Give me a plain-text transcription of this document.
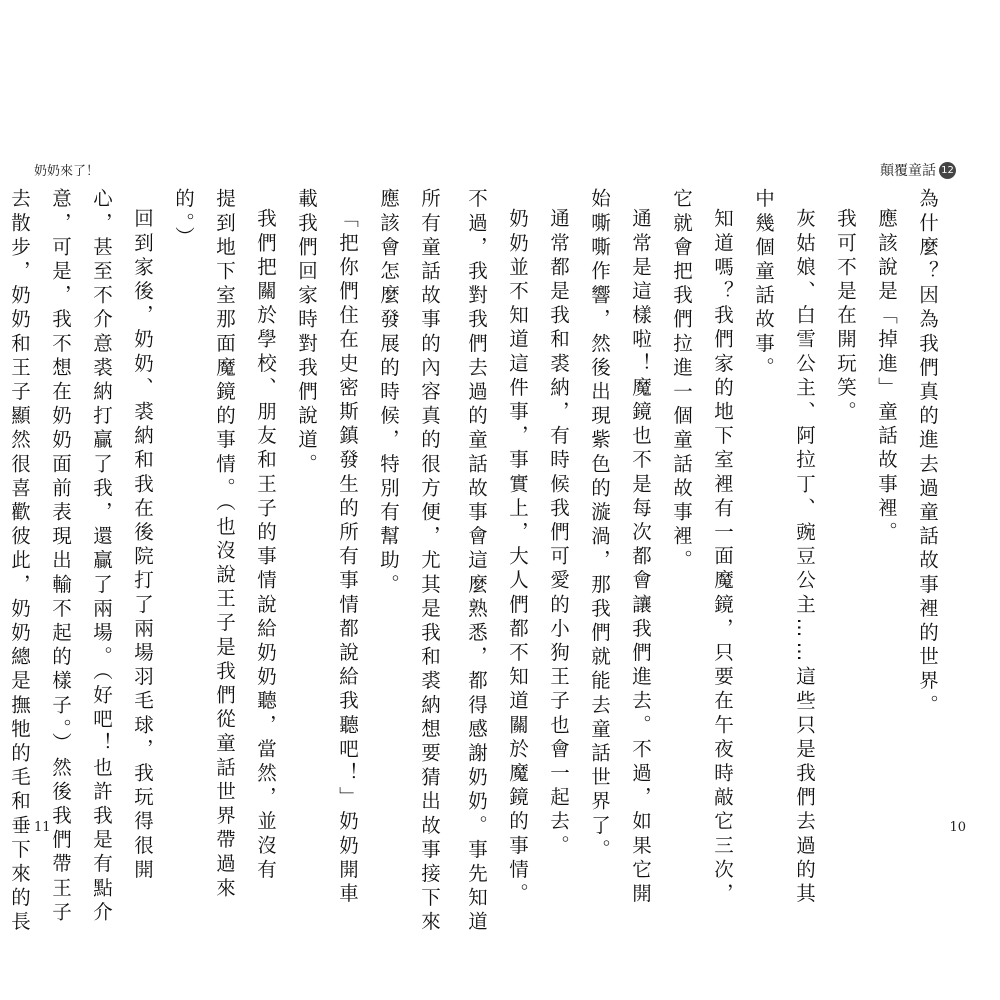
奶奶來了！	顛覆童話 12
為什麼？因為我們真的進去過童話故事裡的世界。
應該說是「掉進」童話故事裡。
我可不是在開玩笑。
灰姑娘、白雪公主、阿拉丁、豌豆公主……這些只是我們去過的其
中幾個童話故事。
知道嗎？我們家的地下室裡有一面魔鏡，只要在午夜時敲它三次，
它就會把我們拉進一個童話故事裡。
通常是這樣啦！魔鏡也不是每次都會讓我們進去。不過，如果它開
始嘶嘶作響，然後出現紫色的漩渦，那我們就能去童話世界了。
通常都是我和裘納，有時候我們可愛的小狗王子也會一起去。
奶奶並不知道這件事，事實上，大人們都不知道關於魔鏡的事情。
不過，我對我們去過的童話故事會這麼熟悉，都得感謝奶奶。事先知道
所有童話故事的內容真的很方便，尤其是我和裘納想要猜出故事接下來
應該會怎麼發展的時候，特別有幫助。
「把你們住在史密斯鎮發生的所有事情都說給我聽吧！」奶奶開車
載我們回家時對我們說道。
我們把關於學校、朋友和王子的事情說給奶奶聽，當然，並沒有
提到地下室那面魔鏡的事情。（也沒說王子是我們從童話世界帶過來
的。）
回到家後，奶奶、裘納和我在後院打了兩場羽毛球，我玩得很開
心，甚至不介意裘納打贏了我，還贏了兩場。（好吧！也許我是有點介
意，可是，我不想在奶奶面前表現出輸不起的樣子。）然後我們帶王子
去散步，奶奶和王子顯然很喜歡彼此，奶奶總是撫牠的毛和垂下來的長 11	10
